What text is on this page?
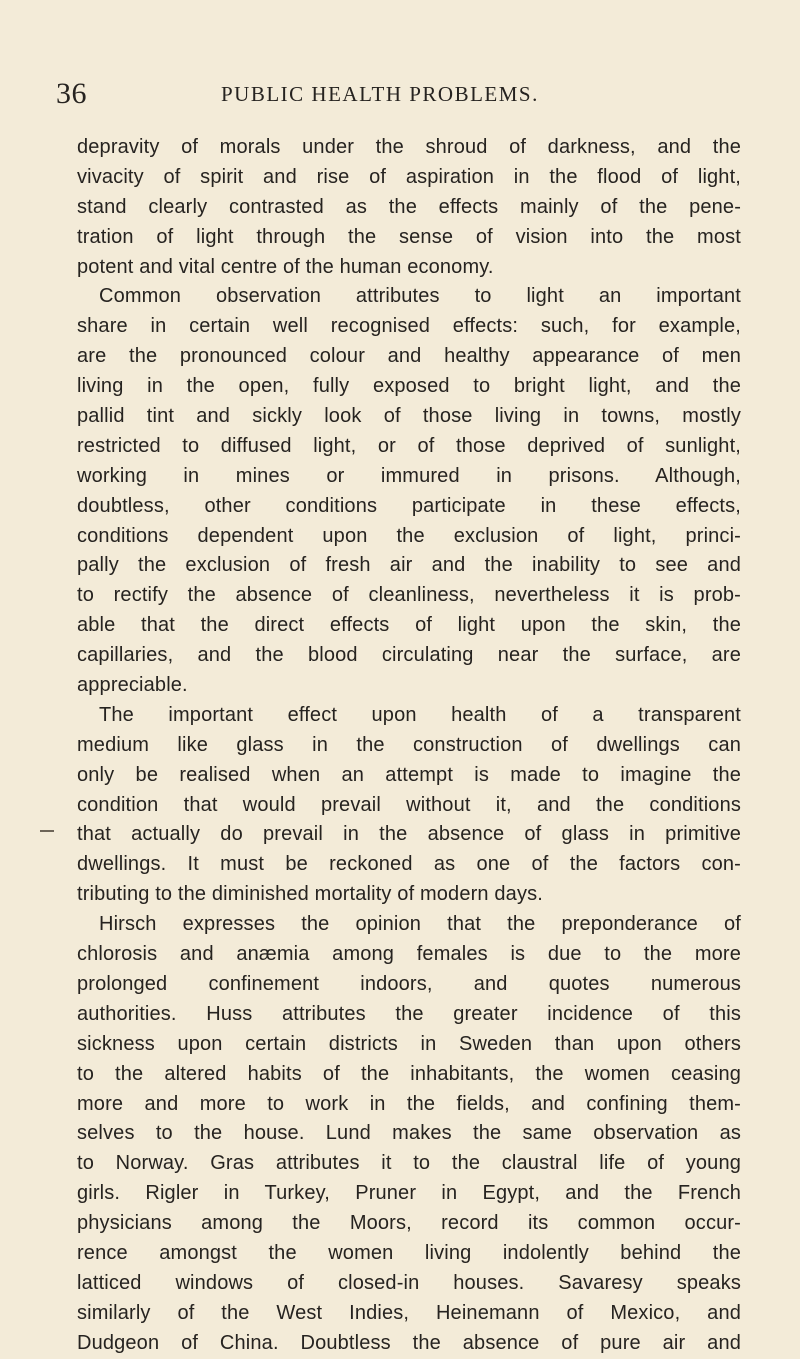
36	PUBLIC HEALTH PROBLEMS.
depravity of morals under the shroud of darkness, and the
vivacity of spirit and rise of aspiration in the flood of light,
stand clearly contrasted as the effects mainly of the pene-
tration of light through the sense of vision into the most
potent and vital centre of the human economy.
Common observation attributes to light an important
share in certain well recognised effects: such, for example,
are the pronounced colour and healthy appearance of men
living in the open, fully exposed to bright light, and the
pallid tint and sickly look of those living in towns, mostly
restricted to diffused light, or of those deprived of sunlight,
working in mines or immured in prisons. Although,
doubtless, other conditions participate in these effects,
conditions dependent upon the exclusion of light, princi-
pally the exclusion of fresh air and the inability to see and
to rectify the absence of cleanliness, nevertheless it is prob-
able that the direct effects of light upon the skin, the
capillaries, and the blood circulating near the surface, are
appreciable.
The important effect upon health of a transparent
medium like glass in the construction of dwellings can
only be realised when an attempt is made to imagine the
condition that would prevail without it, and the conditions
that actually do prevail in the absence of glass in primitive
dwellings. It must be reckoned as one of the factors con-
tributing to the diminished mortality of modern days.
Hirsch expresses the opinion that the preponderance of
chlorosis and anæmia among females is due to the more
prolonged confinement indoors, and quotes numerous
authorities. Huss attributes the greater incidence of this
sickness upon certain districts in Sweden than upon others
to the altered habits of the inhabitants, the women ceasing
more and more to work in the fields, and confining them-
selves to the house. Lund makes the same observation as
to Norway. Gras attributes it to the claustral life of young
girls. Rigler in Turkey, Pruner in Egypt, and the French
physicians among the Moors, record its common occur-
rence amongst the women living indolently behind the
latticed windows of closed-in houses. Savaresy speaks
similarly of the West Indies, Heinemann of Mexico, and
Dudgeon of China. Doubtless the absence of pure air and
